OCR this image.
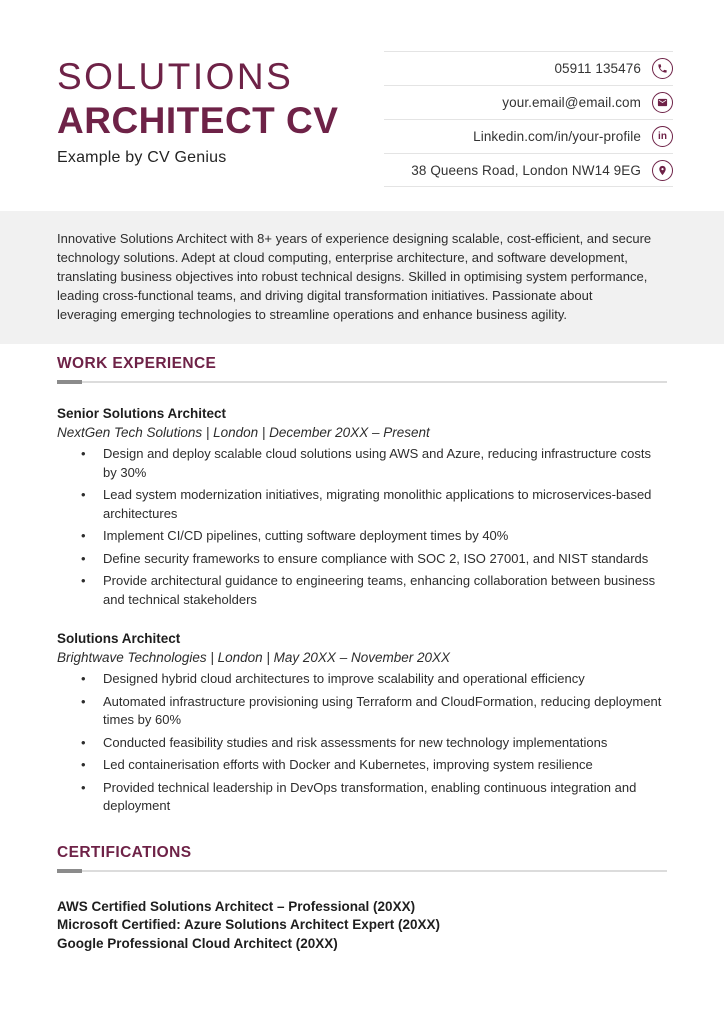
SOLUTIONS
ARCHITECT CV
Example by CV Genius
05911 135476
your.email@email.com
Linkedin.com/in/your-profile	in
38 Queens Road, London NW14 9EG

Innovative Solutions Architect with 8+ years of experience designing scalable, cost-efficient, and secure technology solutions. Adept at cloud computing, enterprise architecture, and software development, translating business objectives into robust technical designs. Skilled in optimising system performance, leading cross-functional teams, and driving digital transformation initiatives. Passionate about leveraging emerging technologies to streamline operations and enhance business agility.

WORK EXPERIENCE
Senior Solutions Architect
NextGen Tech Solutions | London | December 20XX – Present
• Design and deploy scalable cloud solutions using AWS and Azure, reducing infrastructure costs by 30%
• Lead system modernization initiatives, migrating monolithic applications to microservices-based architectures
• Implement CI/CD pipelines, cutting software deployment times by 40%
• Define security frameworks to ensure compliance with SOC 2, ISO 27001, and NIST standards
• Provide architectural guidance to engineering teams, enhancing collaboration between business and technical stakeholders
Solutions Architect
Brightwave Technologies | London | May 20XX – November 20XX
• Designed hybrid cloud architectures to improve scalability and operational efficiency
• Automated infrastructure provisioning using Terraform and CloudFormation, reducing deployment times by 60%
• Conducted feasibility studies and risk assessments for new technology implementations
• Led containerisation efforts with Docker and Kubernetes, improving system resilience
• Provided technical leadership in DevOps transformation, enabling continuous integration and deployment
CERTIFICATIONS
AWS Certified Solutions Architect – Professional (20XX)
Microsoft Certified: Azure Solutions Architect Expert (20XX)
Google Professional Cloud Architect (20XX)
